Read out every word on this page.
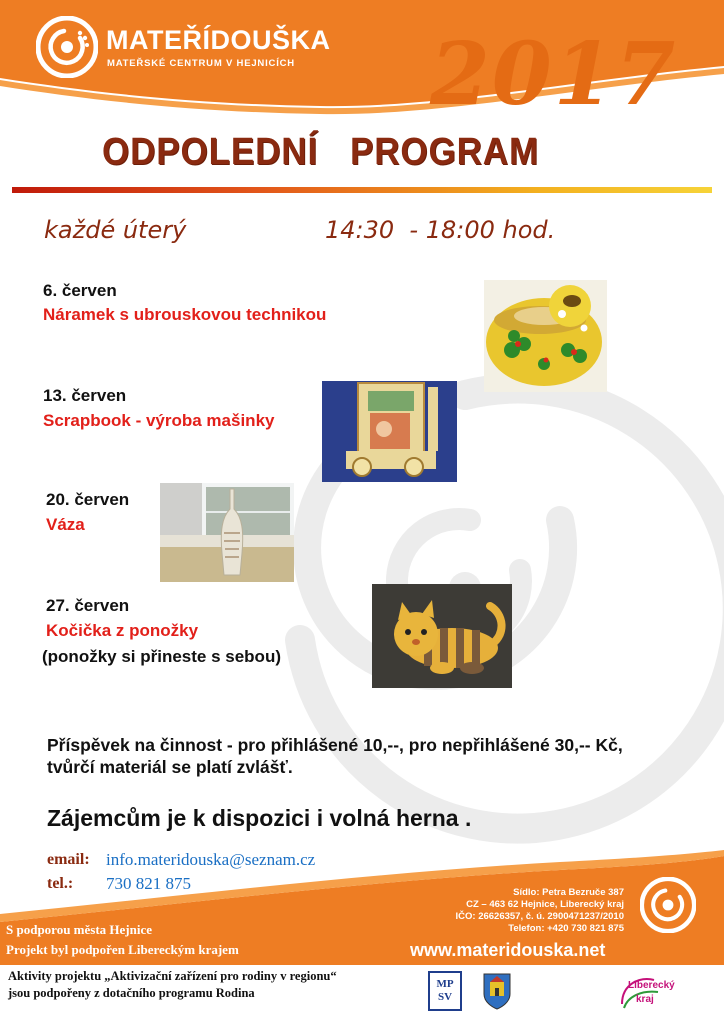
MATEŘÍDOUŠKA
MATEŘSKÉ CENTRUM V HEJNICÍCH 2017
ODPOLEDNÍ   PROGRAM
každé úterý	14:30  - 18:00 hod.
6. červen
Náramek s ubrouskovou technikou
13. červen
Scrapbook - výroba mašinky
20. červen
Váza
27. červen
Kočička z ponožky
(ponožky si přineste s sebou)
Příspěvek na činnost - pro přihlášené 10,--, pro nepřihlášené 30,-- Kč,
tvůrčí materiál se platí zvlášť.
Zájemcům je k dispozici i volná herna .
email: info.materidouska@seznam.cz
tel.: 730 821 875	Sídlo: Petra Bezruče 387
CZ – 463 62 Hejnice, Liberecký kraj
IČO: 26626357, č. ú. 2900471237/2010
Telefon: +420 730 821 875
www.materidouska.net
S podporou města Hejnice
Projekt byl podpořen Libereckým krajem
Aktivity projektu „Aktivizační zařízení pro rodiny v regionu“
jsou podpořeny z dotačního programu Rodina
MP SV
Liberecký
kraj
